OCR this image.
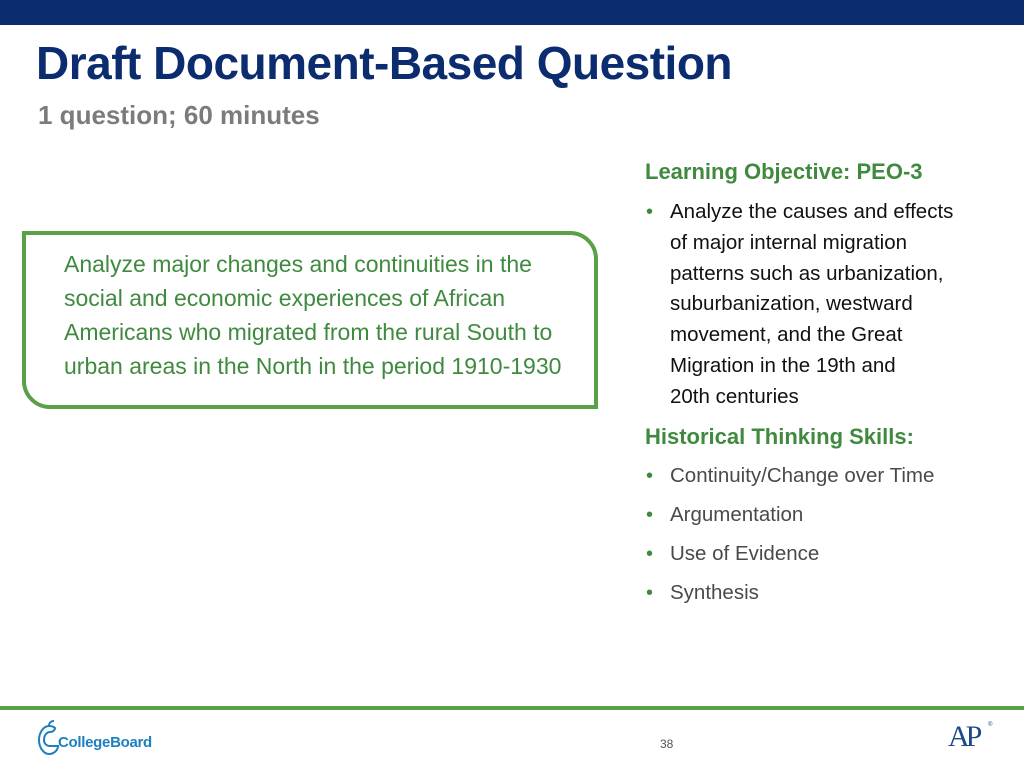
Draft Document-Based Question
1 question; 60 minutes
Analyze major changes and continuities in the social and economic experiences of African Americans who migrated from the rural South to urban areas in the North in the period 1910-1930
Learning Objective: PEO-3
• Analyze the causes and effects
of major internal migration
patterns such as urbanization,
suburbanization, westward
movement, and the Great
Migration in the 19th and
20th centuries
Historical Thinking Skills:
• Continuity/Change over Time
• Argumentation
• Use of Evidence
• Synthesis
CollegeBoard	38	AP ®
